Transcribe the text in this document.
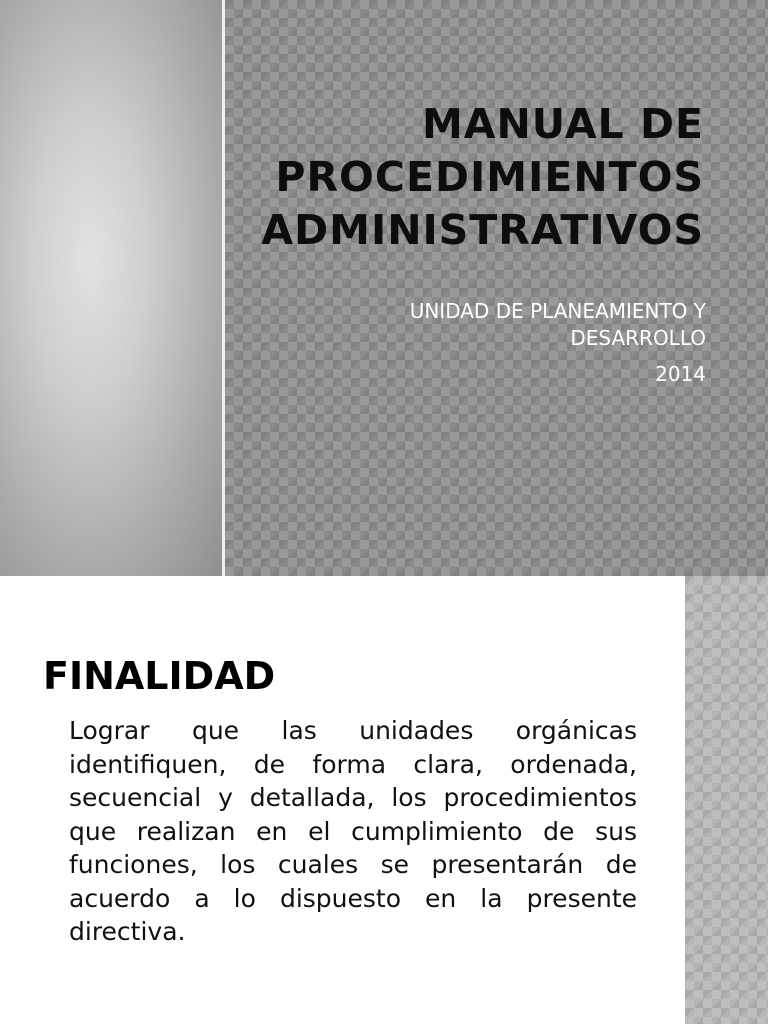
MANUAL DE
PROCEDIMIENTOS
ADMINISTRATIVOS
UNIDAD DE PLANEAMIENTO Y
DESARROLLO
2014
FINALIDAD

Lograr que las unidades orgánicas identifiquen, de forma clara, ordenada, secuencial y detallada, los procedimientos que realizan en el cumplimiento de sus funciones, los cuales se presentarán de acuerdo a lo dispuesto en la presente directiva.
